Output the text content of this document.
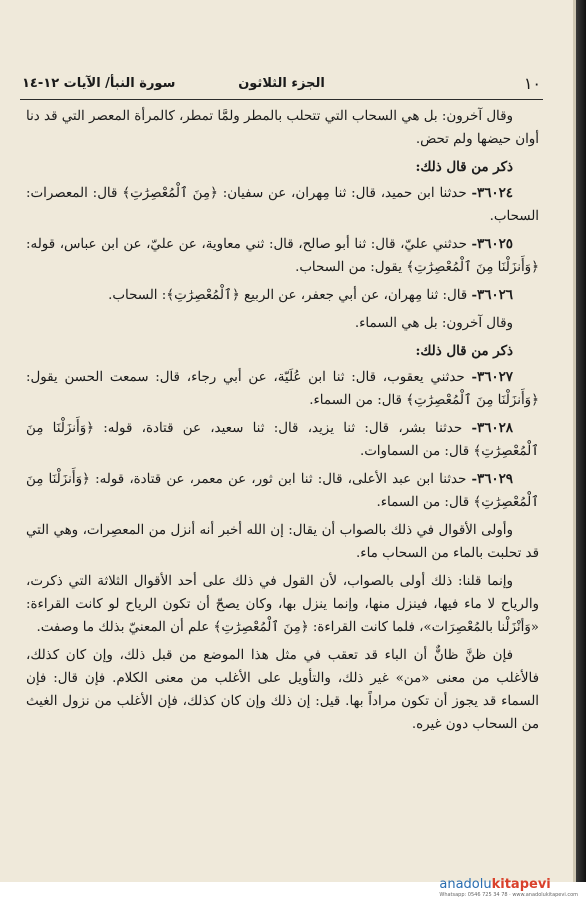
١٠
الجزء الثلاثون
سورة النبأ/ الآيات ١٢-١٤

وقال آخرون: بل هي السحاب التي تتحلب بالمطر ولمَّا تمطر، كالمرأة المعصر التي قد دنا أوان حيضها ولم تحض.

ذكر من قال ذلك:

٣٦٠٢٤- حدثنا ابن حميد، قال: ثنا مِهران، عن سفيان: ﴿مِنَ ٱلْمُعْصِرَٰتِ﴾ قال: المعصرات: السحاب.

٣٦٠٢٥- حدثني عليّ، قال: ثنا أبو صالح، قال: ثني معاوية، عن عليّ، عن ابن عباس، قوله: ﴿وَأَنزَلْنَا مِنَ ٱلْمُعْصِرَٰتِ﴾ يقول: من السحاب.

٣٦٠٢٦- قال: ثنا مِهران، عن أبي جعفر، عن الربيع ﴿ٱلْمُعْصِرَٰتِ﴾: السحاب.

وقال آخرون: بل هي السماء.

ذكر من قال ذلك:

٣٦٠٢٧- حدثني يعقوب، قال: ثنا ابن عُلَيّة، عن أبي رجاء، قال: سمعت الحسن يقول: ﴿وَأَنزَلْنَا مِنَ ٱلْمُعْصِرَٰتِ﴾ قال: من السماء.

٣٦٠٢٨- حدثنا بشر، قال: ثنا يزيد، قال: ثنا سعيد، عن قتادة، قوله: ﴿وَأَنزَلْنَا مِنَ ٱلْمُعْصِرَٰتِ﴾ قال: من السماوات.

٣٦٠٢٩- حدثنا ابن عبد الأعلى، قال: ثنا ابن ثور، عن معمر، عن قتادة، قوله: ﴿وَأَنزَلْنَا مِنَ ٱلْمُعْصِرَٰتِ﴾ قال: من السماء.

وأولى الأقوال في ذلك بالصواب أن يقال: إن الله أخبر أنه أنزل من المعصِرات، وهي التي قد تحلبت بالماء من السحاب ماء.

وإنما قلنا: ذلك أولى بالصواب، لأن القول في ذلك على أحد الأقوال الثلاثة التي ذكرت، والرياح لا ماء فيها، فينزل منها، وإنما ينزل بها، وكان يصحّ أن تكون الرياح لو كانت القراءة: «وَأنْزَلْنا بالمُعْصِرَات»، فلما كانت القراءة: ﴿مِنَ ٱلْمُعْصِرَٰتِ﴾ علم أن المعنيّ بذلك ما وصفت.

فإن ظنَّ ظانٌّ أن الباء قد تعقب في مثل هذا الموضع من قبل ذلك، وإن كان كذلك، فالأغلب من معنى «من» غير ذلك، والتأويل على الأغلب من معنى الكلام. فإن قال: فإن السماء قد يجوز أن تكون مراداً بها. قيل: إن ذلك وإن كان كذلك، فإن الأغلب من نزول الغيث من السحاب دون غيره.

anadolukitapevi
Whatsapp: 0546 725 34 78 · www.anadolukitapevi.com
